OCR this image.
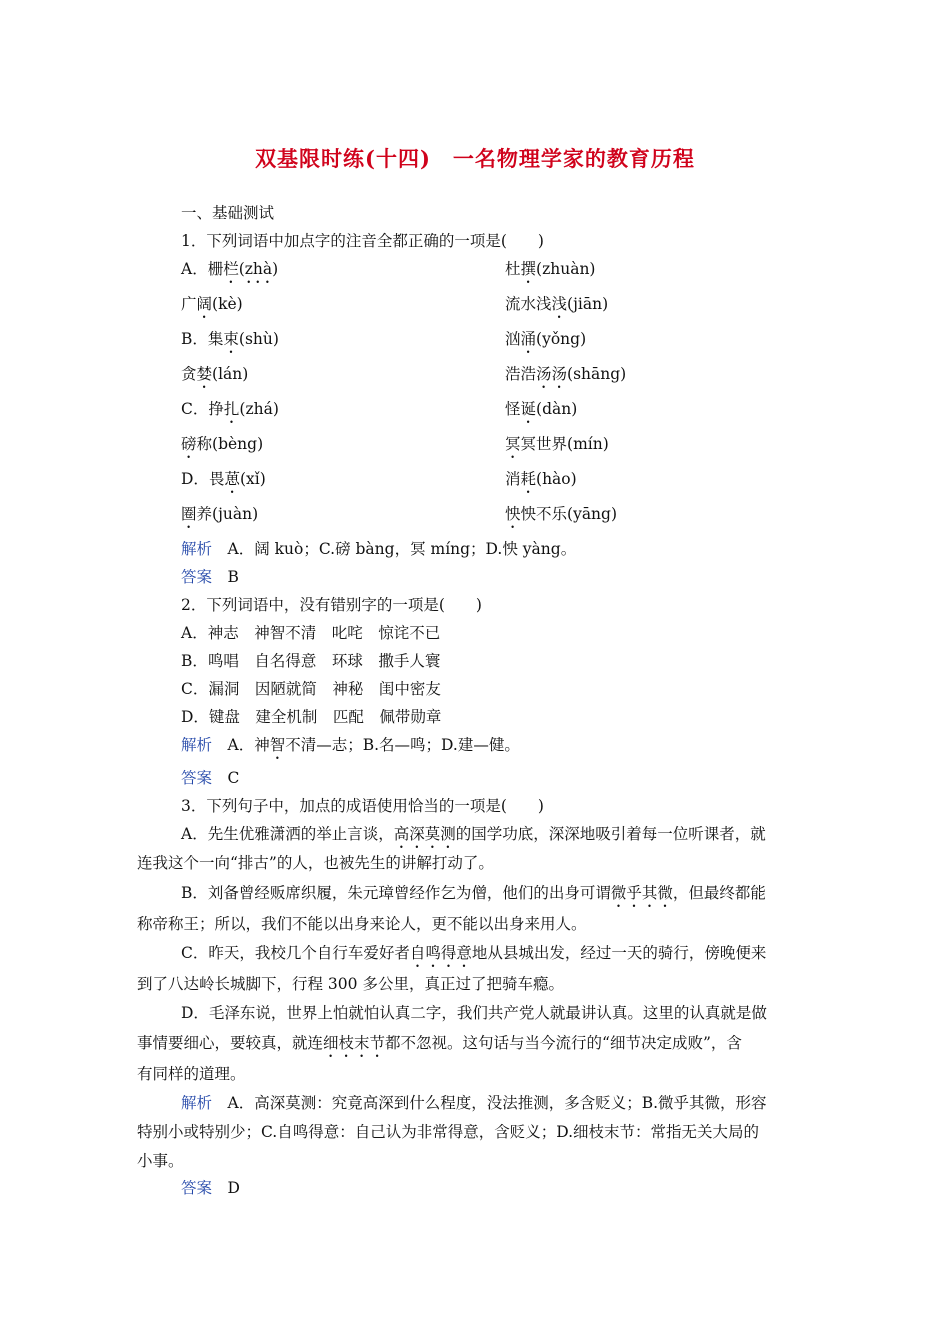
双基限时练(十四)　一名物理学家的教育历程
一、基础测试
1．下列词语中加点字的注音全都正确的一项是(　　)
A．栅栏(zhà)	杜撰(zhuàn)
广阔(kè)	流水浅浅(jiān)
B．集束(shù)	汹涌(yǒng)
贪婪(lán)	浩浩汤汤(shāng)
C．挣扎(zhá)	怪诞(dàn)
磅称(bèng)	冥冥世界(mín)
D．畏葸(xǐ)	消耗(hào)
圈养(juàn)	怏怏不乐(yāng)
解析　A．阔 kuò；C.磅 bàng，冥 míng；D.怏 yàng。
答案　B
2．下列词语中，没有错别字的一项是(　　)
A．神志　神智不清　叱咤　惊诧不已
B．鸣唱　自名得意　环球　撒手人寰
C．漏洞　因陋就简　神秘　闺中密友
D．键盘　建全机制　匹配　佩带勋章
解析　A．神智不清—志；B.名—鸣；D.建—健。
答案　C
3．下列句子中，加点的成语使用恰当的一项是(　　)
A．先生优雅潇洒的举止言谈，高深莫测的国学功底，深深地吸引着每一位听课者，就
连我这个一向“排古”的人，也被先生的讲解打动了。
B．刘备曾经贩席织履，朱元璋曾经作乞为僧，他们的出身可谓微乎其微，但最终都能
称帝称王；所以，我们不能以出身来论人，更不能以出身来用人。
C．昨天，我校几个自行车爱好者自鸣得意地从县城出发，经过一天的骑行，傍晚便来
到了八达岭长城脚下，行程 300 多公里，真正过了把骑车瘾。
D．毛泽东说，世界上怕就怕认真二字，我们共产党人就最讲认真。这里的认真就是做
事情要细心，要较真，就连细枝末节都不忽视。这句话与当今流行的“细节决定成败”，含
有同样的道理。
解析　A．高深莫测：究竟高深到什么程度，没法推测，多含贬义；B.微乎其微，形容
特别小或特别少；C.自鸣得意：自己认为非常得意，含贬义；D.细枝末节：常指无关大局的
小事。
答案　D
